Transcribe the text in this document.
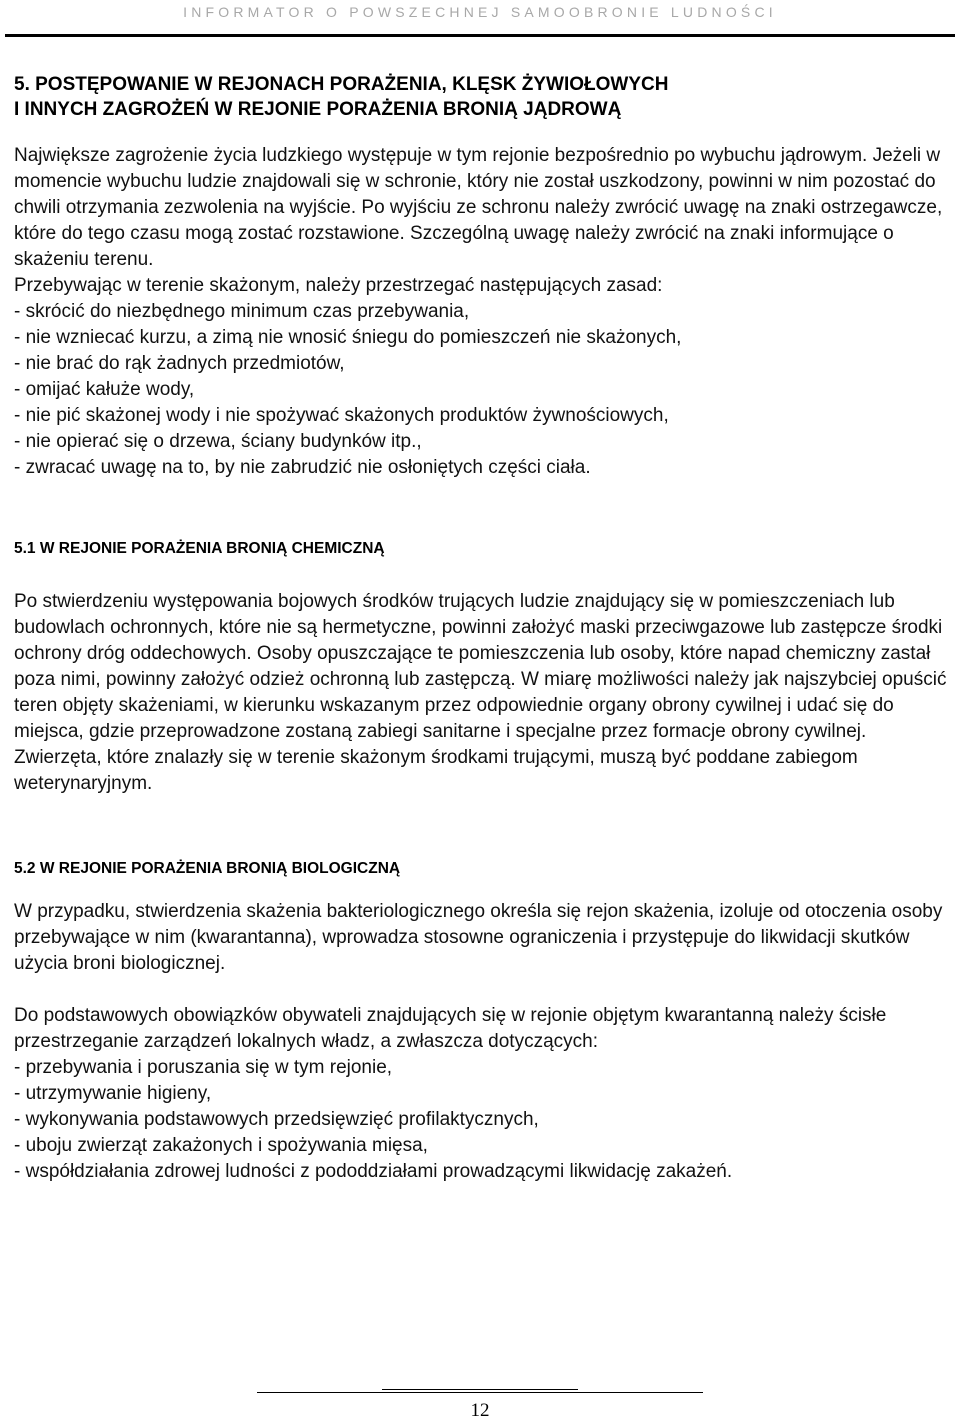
INFORMATOR O POWSZECHNEJ SAMOOBRONIE LUDNOŚCI
5. POSTĘPOWANIE W REJONACH PORAŻENIA, KLĘSK ŻYWIOŁOWYCH
I INNYCH ZAGROŻEŃ W REJONIE PORAŻENIA BRONIĄ JĄDROWĄ

Największe zagrożenie życia ludzkiego występuje w tym rejonie bezpośrednio po wybuchu jądrowym. Jeżeli w momencie wybuchu ludzie znajdowali się w schronie, który nie został uszkodzony, powinni w nim pozostać do chwili otrzymania zezwolenia na wyjście. Po wyjściu ze schronu należy zwrócić uwagę na znaki ostrzegawcze, które do tego czasu mogą zostać rozstawione. Szczególną uwagę należy zwrócić na znaki informujące o skażeniu terenu.

Przebywając w terenie skażonym, należy przestrzegać następujących zasad:
- skrócić do niezbędnego minimum czas przebywania,
- nie wzniecać kurzu, a zimą nie wnosić śniegu do pomieszczeń nie skażonych,
- nie brać do rąk żadnych przedmiotów,
- omijać kałuże wody,
- nie pić skażonej wody i nie spożywać skażonych produktów żywnościowych,
- nie opierać się o drzewa, ściany budynków itp.,
- zwracać uwagę na to, by nie zabrudzić nie osłoniętych części ciała.
5.1 W REJONIE PORAŻENIA BRONIĄ CHEMICZNĄ

Po stwierdzeniu występowania bojowych środków trujących ludzie znajdujący się w pomieszczeniach lub budowlach ochronnych, które nie są hermetyczne, powinni założyć maski przeciwgazowe lub zastępcze środki ochrony dróg oddechowych. Osoby opuszczające te pomieszczenia lub osoby, które napad chemiczny zastał poza nimi, powinny założyć odzież ochronną lub zastępczą. W miarę możliwości należy jak najszybciej opuścić teren objęty skażeniami, w kierunku wskazanym przez odpowiednie organy obrony cywilnej i udać się do miejsca, gdzie przeprowadzone zostaną zabiegi sanitarne i specjalne przez formacje obrony cywilnej. Zwierzęta, które znalazły się w terenie skażonym środkami trującymi, muszą być poddane zabiegom weterynaryjnym.

5.2 W REJONIE PORAŻENIA BRONIĄ BIOLOGICZNĄ

W przypadku, stwierdzenia skażenia bakteriologicznego określa się rejon skażenia, izoluje od otoczenia osoby przebywające w nim (kwarantanna), wprowadza stosowne ograniczenia i przystępuje do likwidacji skutków użycia broni biologicznej.

Do podstawowych obowiązków obywateli znajdujących się w rejonie objętym kwarantanną należy ścisłe przestrzeganie zarządzeń lokalnych władz, a zwłaszcza dotyczących:

- przebywania i poruszania się w tym rejonie,
- utrzymywanie higieny,
- wykonywania podstawowych przedsięwzięć profilaktycznych,
- uboju zwierząt zakażonych i spożywania mięsa,
- współdziałania zdrowej ludności z pododdziałami prowadzącymi likwidację zakażeń.
12
